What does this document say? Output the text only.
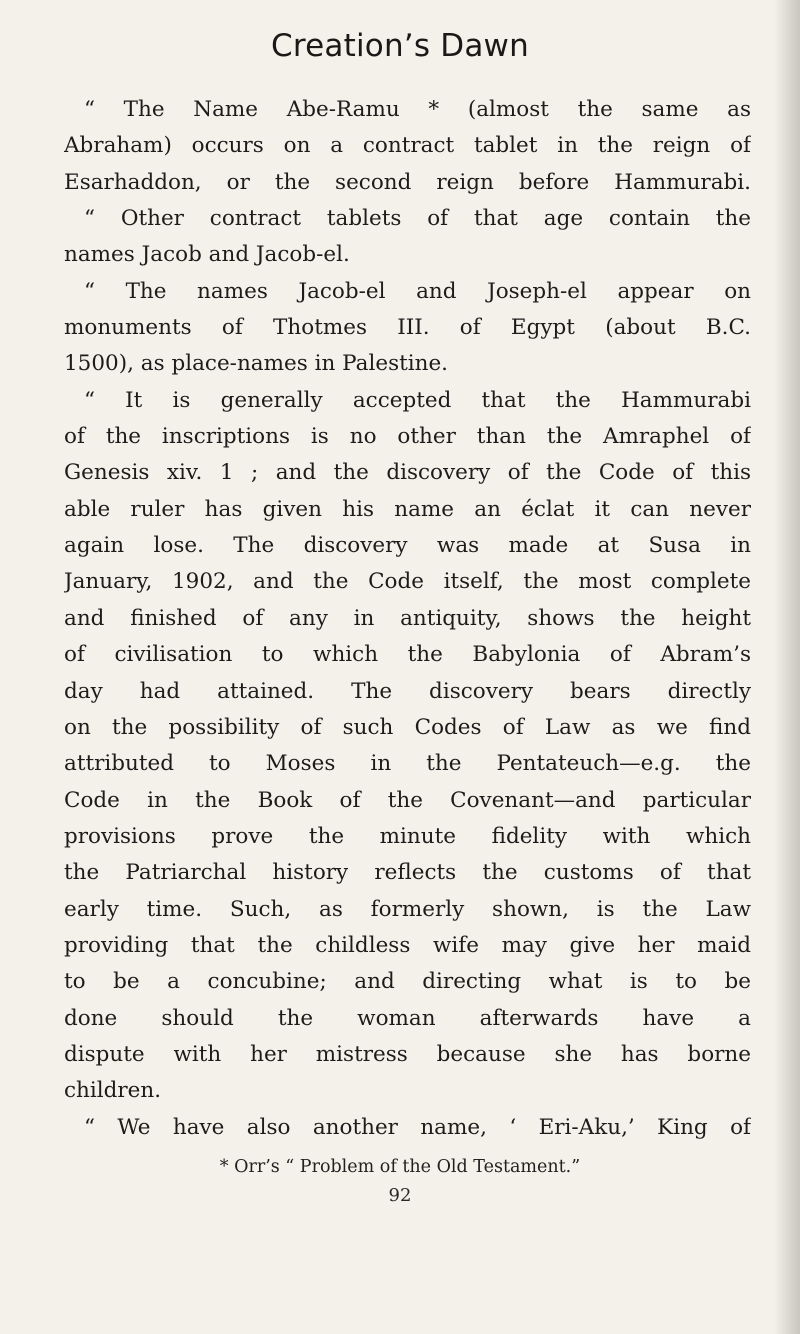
Creation’s Dawn
“ The Name Abe-Ramu * (almost the same as
Abraham) occurs on a contract tablet in the reign of
Esarhaddon, or the second reign before Hammurabi.
“ Other contract tablets of that age contain the
names Jacob and Jacob-el.
“ The names Jacob-el and Joseph-el appear on
monuments of Thotmes III. of Egypt (about B.C.
1500), as place-names in Palestine.
“ It is generally accepted that the Hammurabi
of the inscriptions is no other than the Amraphel of
Genesis xiv. 1 ; and the discovery of the Code of this
able ruler has given his name an éclat it can never
again lose. The discovery was made at Susa in
January, 1902, and the Code itself, the most complete
and finished of any in antiquity, shows the height
of civilisation to which the Babylonia of Abram’s
day had attained. The discovery bears directly
on the possibility of such Codes of Law as we find
attributed to Moses in the Pentateuch—e.g. the
Code in the Book of the Covenant—and particular
provisions prove the minute fidelity with which
the Patriarchal history reflects the customs of that
early time. Such, as formerly shown, is the Law
providing that the childless wife may give her maid
to be a concubine; and directing what is to be
done should the woman afterwards have a
dispute with her mistress because she has borne
children.
“ We have also another name, ‘ Eri-Aku,’ King of
* Orr’s “ Problem of the Old Testament.”
92
